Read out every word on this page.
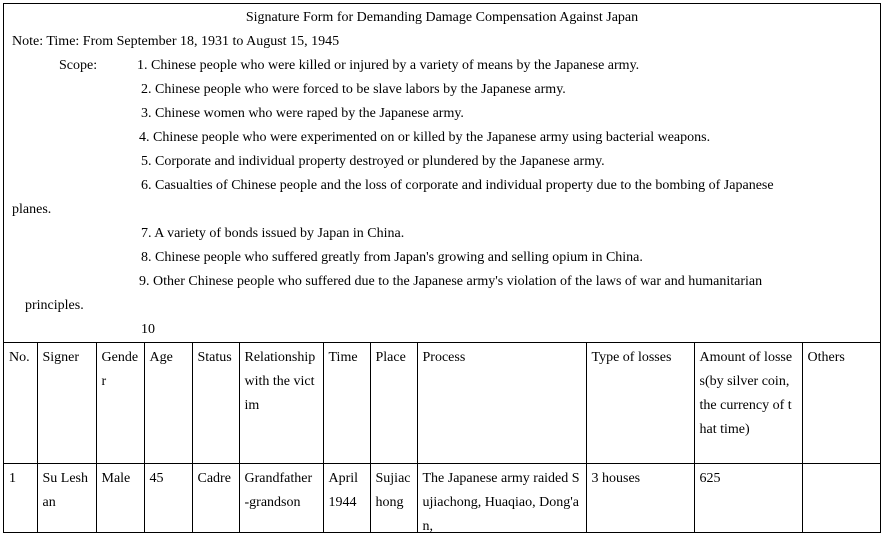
Signature Form for Demanding Damage Compensation Against Japan
Note: Time: From September 18, 1931 to August 15, 1945
Scope:	1. Chinese people who were killed or injured by a variety of means by the Japanese army.
2. Chinese people who were forced to be slave labors by the Japanese army.
3. Chinese women who were raped by the Japanese army.
4. Chinese people who were experimented on or killed by the Japanese army using bacterial weapons.
5. Corporate and individual property destroyed or plundered by the Japanese army.
6. Casualties of Chinese people and the loss of corporate and individual property due to the bombing of Japanese
planes.
7. A variety of bonds issued by Japan in China.
8. Chinese people who suffered greatly from Japan's growing and selling opium in China.
9. Other Chinese people who suffered due to the Japanese army's violation of the laws of war and humanitarian
principles.
10
No.	Signer	Gender	Age	Status	Relationship with the victim	Time	Place	Process	Type of losses	Amount of losses(by silver coin, the currency of that time)	Others
1	Su Leshan	Male	45	Cadre	Grandfather -grandson	April 1944	Sujiachong	The Japanese army raided Sujiachong, Huaqiao, Dong'an,	3 houses	625	
